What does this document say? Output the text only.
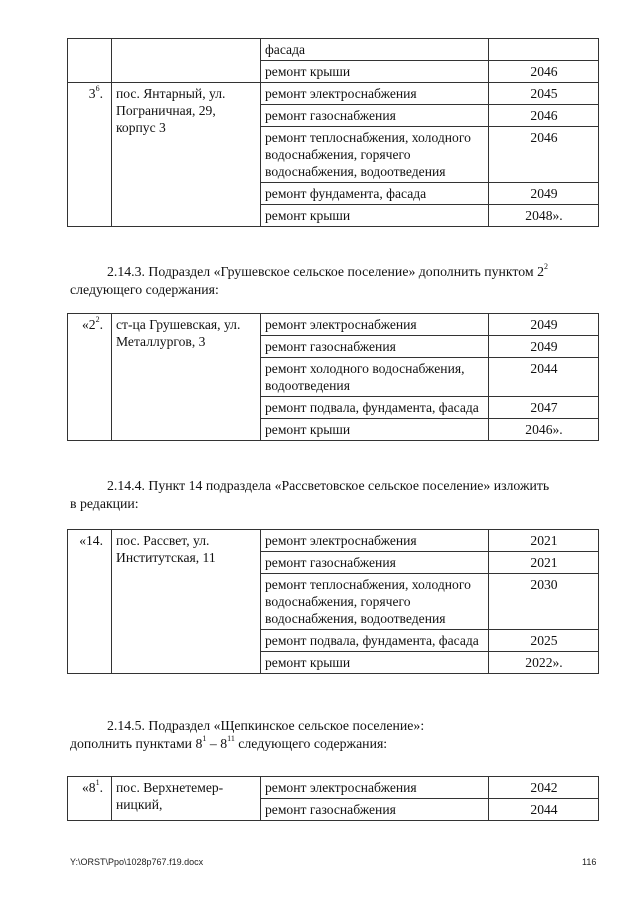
		фасада	
		ремонт крыши	2046
$3^6$.	пос. Янтарный, ул. Пограничная, 29, корпус 3	ремонт электроснабжения	2045
		ремонт газоснабжения	2046
		ремонт теплоснабжения, холодного водоснабжения, горячего водоснабжения, водоотведения	2046
		ремонт фундамента, фасада	2049
		ремонт крыши	2048».
2.14.3. Подраздел «Грушевское сельское поселение» дополнить пунктом $2^2$
следующего содержания:
«$2^2$.	ст-ца Грушевская, ул. Металлургов, 3	ремонт электроснабжения	2049
		ремонт газоснабжения	2049
		ремонт холодного водоснабжения, водоотведения	2044
		ремонт подвала, фундамента, фасада	2047
		ремонт крыши	2046».
2.14.4. Пункт 14 подраздела «Рассветовское сельское поселение» изложить
в редакции:
«14.	пос. Рассвет, ул. Институтская, 11	ремонт электроснабжения	2021
		ремонт газоснабжения	2021
		ремонт теплоснабжения, холодного водоснабжения, горячего водоснабжения, водоотведения	2030
		ремонт подвала, фундамента, фасада	2025
		ремонт крыши	2022».
2.14.5. Подраздел «Щепкинское сельское поселение»:
дополнить пунктами $8^1 - 8^{11}$ следующего содержания:
«$8^1$.	пос. Верхнетемер-ницкий,	ремонт электроснабжения	2042
		ремонт газоснабжения	2044
Y:\ORST\Ppo\1028p767.f19.docx	116
